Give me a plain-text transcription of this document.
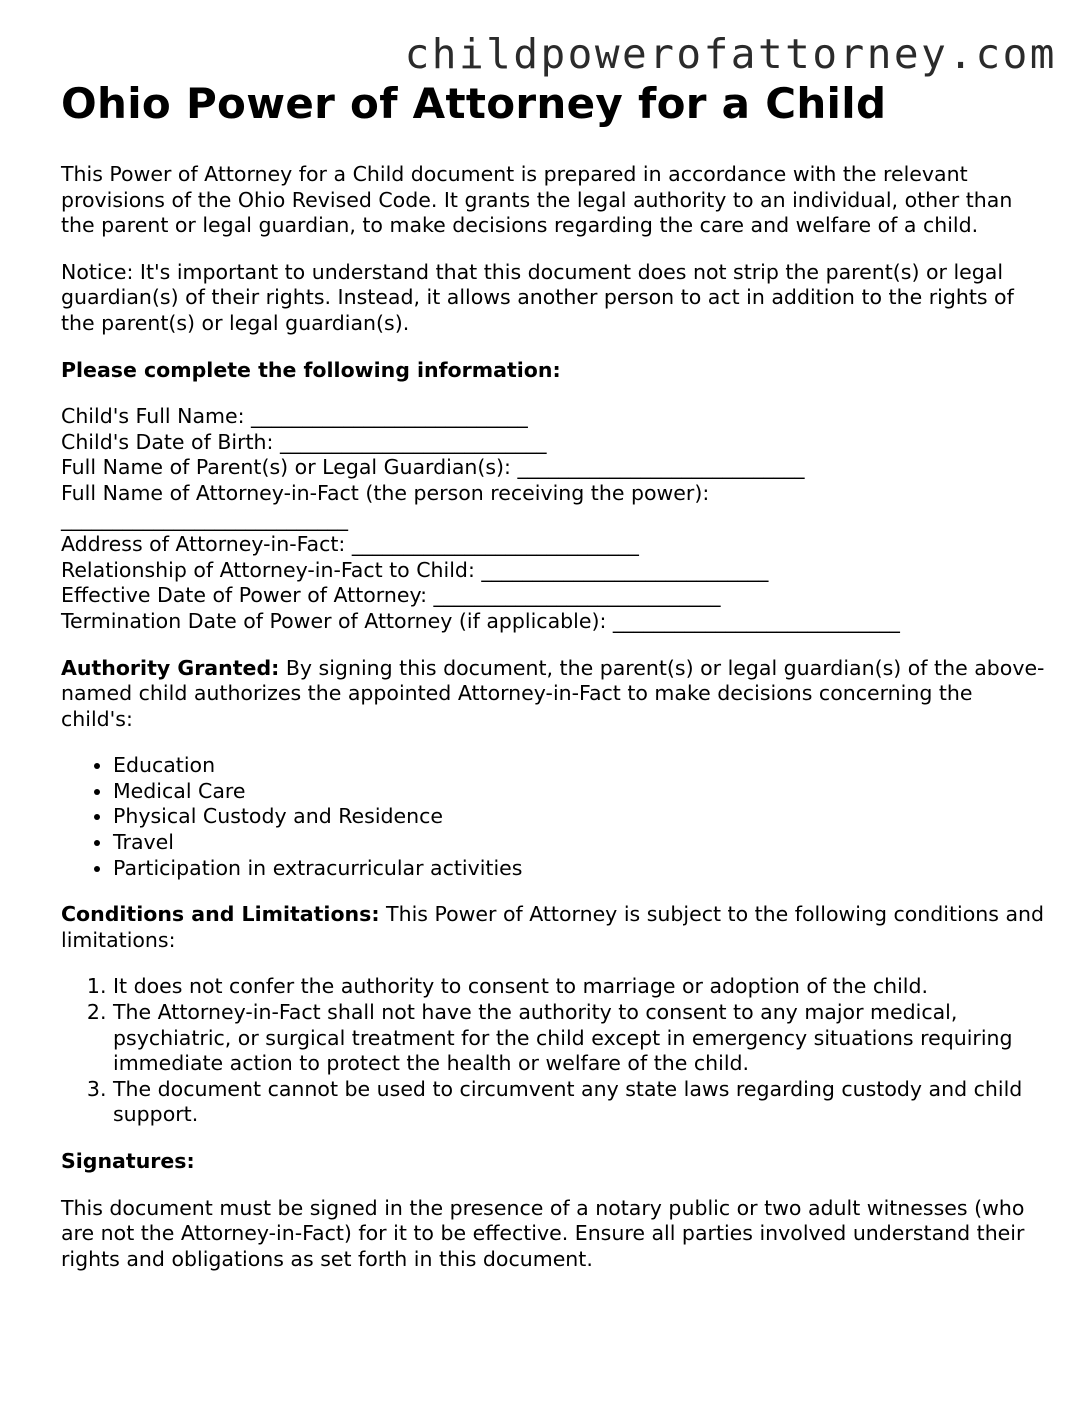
childpowerofattorney.com
Ohio Power of Attorney for a Child

This Power of Attorney for a Child document is prepared in accordance with the relevant provisions of the Ohio Revised Code. It grants the legal authority to an individual, other than the parent or legal guardian, to make decisions regarding the care and welfare of a child.

Notice: It's important to understand that this document does not strip the parent(s) or legal guardian(s) of their rights. Instead, it allows another person to act in addition to the rights of the parent(s) or legal guardian(s).

Please complete the following information:

Child's Full Name: ___________________________
Child's Date of Birth: __________________________
Full Name of Parent(s) or Legal Guardian(s): ____________________________
Full Name of Attorney-in-Fact (the person receiving the power):
____________________________
Address of Attorney-in-Fact: ____________________________
Relationship of Attorney-in-Fact to Child: ____________________________
Effective Date of Power of Attorney: ____________________________
Termination Date of Power of Attorney (if applicable): ____________________________

Authority Granted: By signing this document, the parent(s) or legal guardian(s) of the above-named child authorizes the appointed Attorney-in-Fact to make decisions concerning the child's:

• Education
• Medical Care
• Physical Custody and Residence
• Travel
• Participation in extracurricular activities

Conditions and Limitations: This Power of Attorney is subject to the following conditions and limitations:

1. It does not confer the authority to consent to marriage or adoption of the child.
2. The Attorney-in-Fact shall not have the authority to consent to any major medical, psychiatric, or surgical treatment for the child except in emergency situations requiring immediate action to protect the health or welfare of the child.
3. The document cannot be used to circumvent any state laws regarding custody and child support.

Signatures:

This document must be signed in the presence of a notary public or two adult witnesses (who are not the Attorney-in-Fact) for it to be effective. Ensure all parties involved understand their rights and obligations as set forth in this document.
